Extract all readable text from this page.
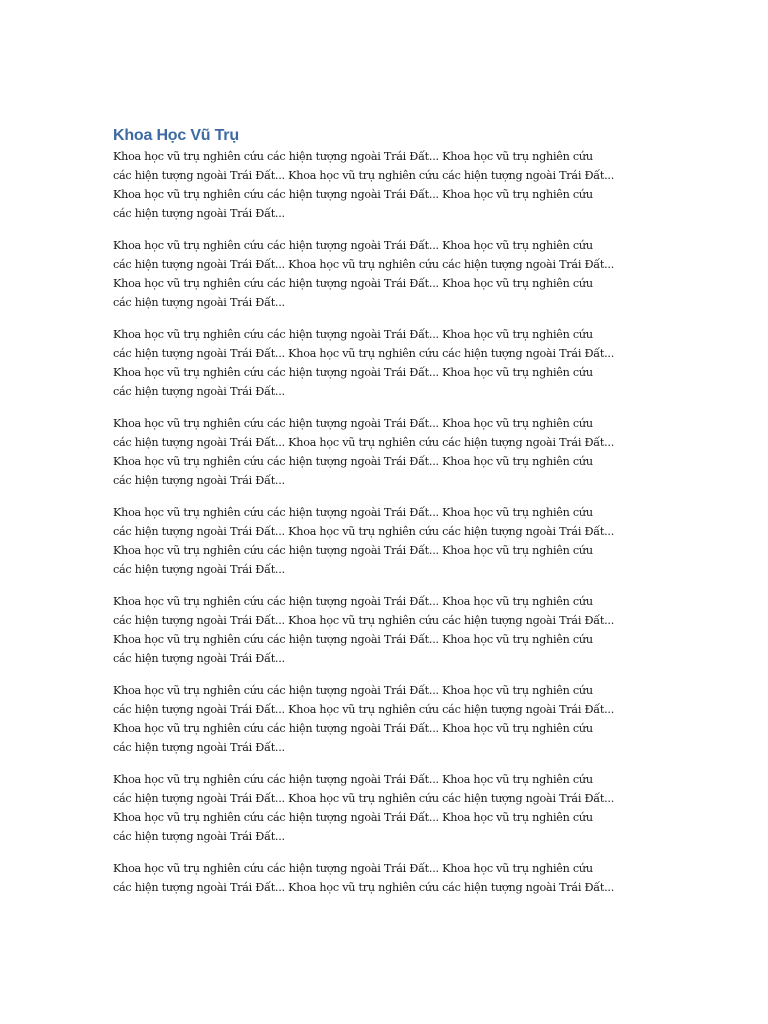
Khoa Học Vũ Trụ

Khoa học vũ trụ nghiên cứu các hiện tượng ngoài Trái Đất... Khoa học vũ trụ nghiên cứu
các hiện tượng ngoài Trái Đất... Khoa học vũ trụ nghiên cứu các hiện tượng ngoài Trái Đất...
Khoa học vũ trụ nghiên cứu các hiện tượng ngoài Trái Đất... Khoa học vũ trụ nghiên cứu
các hiện tượng ngoài Trái Đất...

Khoa học vũ trụ nghiên cứu các hiện tượng ngoài Trái Đất... Khoa học vũ trụ nghiên cứu
các hiện tượng ngoài Trái Đất... Khoa học vũ trụ nghiên cứu các hiện tượng ngoài Trái Đất...
Khoa học vũ trụ nghiên cứu các hiện tượng ngoài Trái Đất... Khoa học vũ trụ nghiên cứu
các hiện tượng ngoài Trái Đất...

Khoa học vũ trụ nghiên cứu các hiện tượng ngoài Trái Đất... Khoa học vũ trụ nghiên cứu
các hiện tượng ngoài Trái Đất... Khoa học vũ trụ nghiên cứu các hiện tượng ngoài Trái Đất...
Khoa học vũ trụ nghiên cứu các hiện tượng ngoài Trái Đất... Khoa học vũ trụ nghiên cứu
các hiện tượng ngoài Trái Đất...

Khoa học vũ trụ nghiên cứu các hiện tượng ngoài Trái Đất... Khoa học vũ trụ nghiên cứu
các hiện tượng ngoài Trái Đất... Khoa học vũ trụ nghiên cứu các hiện tượng ngoài Trái Đất...
Khoa học vũ trụ nghiên cứu các hiện tượng ngoài Trái Đất... Khoa học vũ trụ nghiên cứu
các hiện tượng ngoài Trái Đất...

Khoa học vũ trụ nghiên cứu các hiện tượng ngoài Trái Đất... Khoa học vũ trụ nghiên cứu
các hiện tượng ngoài Trái Đất... Khoa học vũ trụ nghiên cứu các hiện tượng ngoài Trái Đất...
Khoa học vũ trụ nghiên cứu các hiện tượng ngoài Trái Đất... Khoa học vũ trụ nghiên cứu
các hiện tượng ngoài Trái Đất...

Khoa học vũ trụ nghiên cứu các hiện tượng ngoài Trái Đất... Khoa học vũ trụ nghiên cứu
các hiện tượng ngoài Trái Đất... Khoa học vũ trụ nghiên cứu các hiện tượng ngoài Trái Đất...
Khoa học vũ trụ nghiên cứu các hiện tượng ngoài Trái Đất... Khoa học vũ trụ nghiên cứu
các hiện tượng ngoài Trái Đất...

Khoa học vũ trụ nghiên cứu các hiện tượng ngoài Trái Đất... Khoa học vũ trụ nghiên cứu
các hiện tượng ngoài Trái Đất... Khoa học vũ trụ nghiên cứu các hiện tượng ngoài Trái Đất...
Khoa học vũ trụ nghiên cứu các hiện tượng ngoài Trái Đất... Khoa học vũ trụ nghiên cứu
các hiện tượng ngoài Trái Đất...

Khoa học vũ trụ nghiên cứu các hiện tượng ngoài Trái Đất... Khoa học vũ trụ nghiên cứu
các hiện tượng ngoài Trái Đất... Khoa học vũ trụ nghiên cứu các hiện tượng ngoài Trái Đất...
Khoa học vũ trụ nghiên cứu các hiện tượng ngoài Trái Đất... Khoa học vũ trụ nghiên cứu
các hiện tượng ngoài Trái Đất...

Khoa học vũ trụ nghiên cứu các hiện tượng ngoài Trái Đất... Khoa học vũ trụ nghiên cứu
các hiện tượng ngoài Trái Đất... Khoa học vũ trụ nghiên cứu các hiện tượng ngoài Trái Đất...
